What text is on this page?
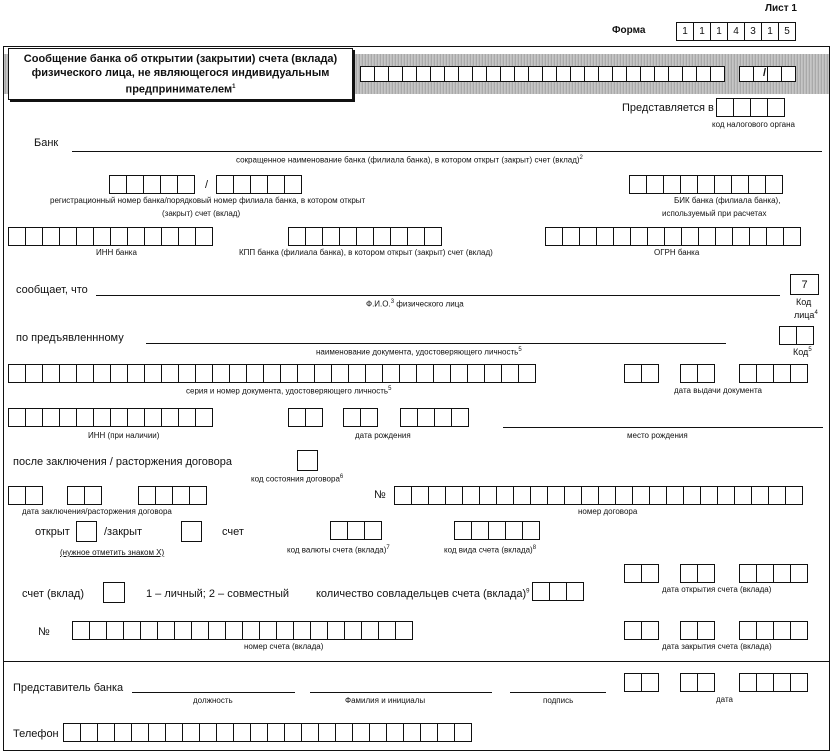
Лист 1
Форма	1	1	1	4	3	1	5
/
Сообщение банка об открытии (закрытии) счета (вклада)
физического лица, не являющегося индивидуальным
предпринимателем$^1$
Представляется в
код налогового органа
Банк
сокращенное наименование банка (филиала банка), в котором открыт (закрыт) счет (вклад)$^2$
/
регистрационный номер банка/порядковый номер филиала банка, в котором открыт
(закрыт) счет (вклад)
БИК банка (филиала банка),
используемый при расчетах
ИНН банка	КПП банка (филиала банка), в котором открыт (закрыт) счет (вклад)	ОГРН банка
сообщает, что
Ф.И.О.$^3$ физического лица
7
Код
лица$^4$
по предъявленнному
наименование документа, удостоверяющего личность$^5$	Код$^5$
серия и номер документа, удостоверяющего личность$^5$	дата выдачи документа
ИНН (при наличии)	дата рождения	место рождения
после заключения / расторжения договора
код состояния договора$^6$
дата заключения/расторжения договора
№
номер договора
открыт	/закрыт	счет
(нужное отметить знаком Х)	код валюты счета (вклада)$^7$	код вида счета (вклада)$^8$
счет (вклад)	1 – личный; 2 – совместный количество совладельцев счета (вклада)$^9$	дата открытия счета (вклада)
№
номер счета (вклада)	дата закрытия счета (вклада)
Представитель банка
должность	Фамилия и инициалы	подпись	дата
Телефон
